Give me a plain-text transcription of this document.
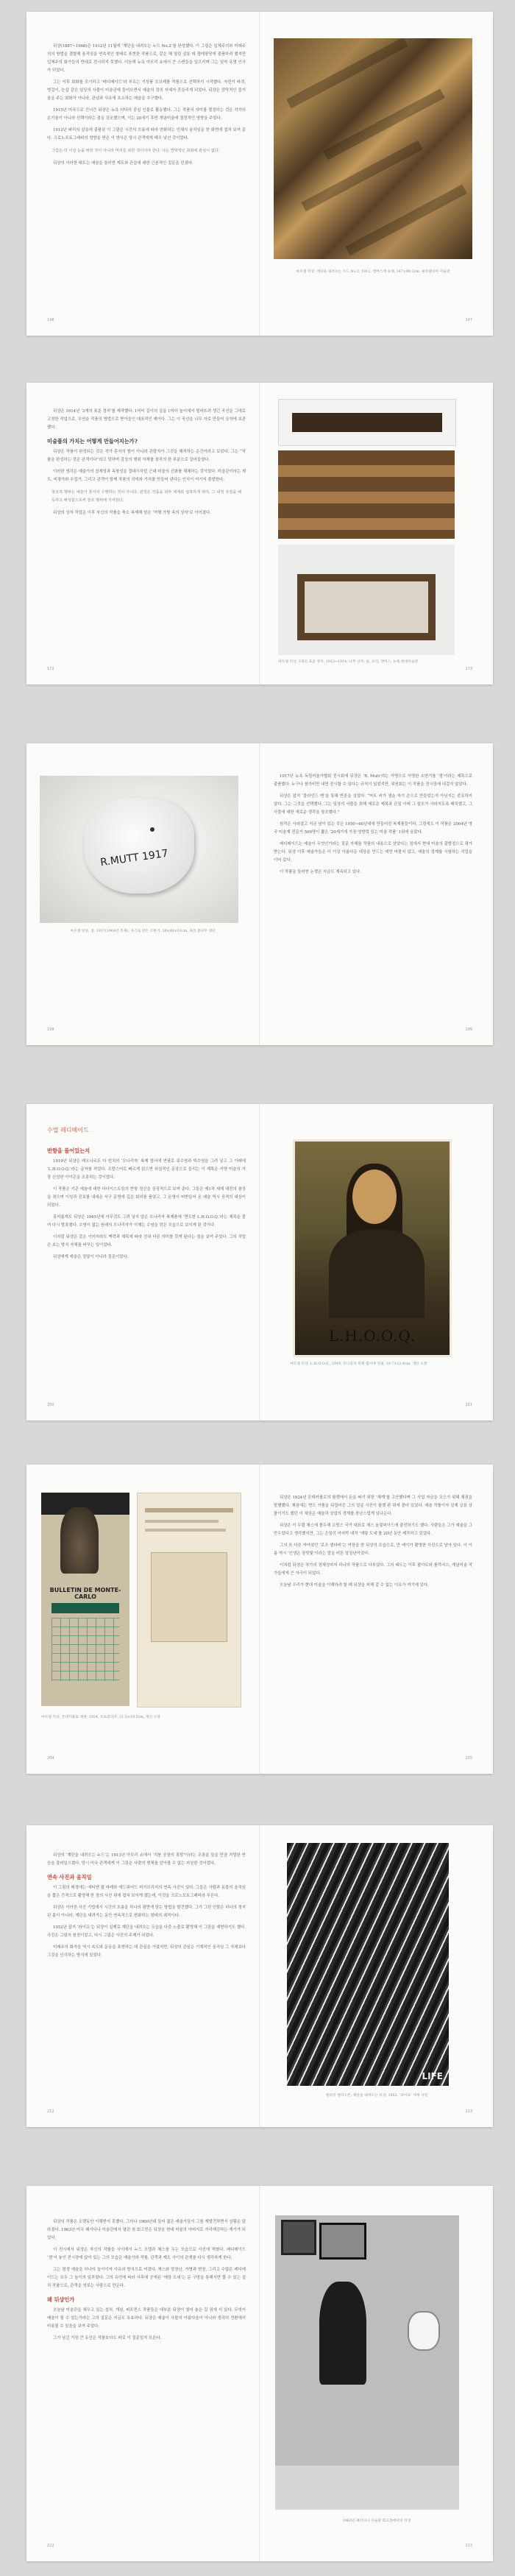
뒤샹(1887~1968)은 1912년 11월에 ‘계단을 내려오는 누드 No.2’를 완성했다. 이 그림은 입체주의와 미래주의의 방법을 결합해 움직임을 연속적인 형태로 표현한 작품으로, 같은 해 열린 살롱 데 쟁데팡당에 출품하려 했지만 입체주의 화가들의 반대로 전시되지 못했다. 이듬해 뉴욕 아모리 쇼에서 큰 스캔들을 일으키며 그는 일약 유명 인사가 되었다.

그는 이후 회화를 포기하고 ‘레디메이드’라 부르는 기성품 오브제를 작품으로 선택하기 시작했다. 자전거 바퀴, 병걸이, 눈삽 같은 일상의 사물이 미술관에 들어오면서 예술의 정의 자체가 흔들리게 되었다. 뒤샹은 망막적인 즐거움을 주는 회화가 아니라, 관념과 사유에 호소하는 예술을 추구했다.

1915년 미국으로 건너간 뒤샹은 뉴욕 다다의 중심 인물로 활동했다. 그는 작품의 의미를 결정하는 것은 작가의 손기술이 아니라 선택이라는 점을 강조했으며, 이는 20세기 후반 개념미술에 결정적인 영향을 주었다.

1912년 파리의 살롱에 출품된 이 그림은 시간의 흐름에 따라 변화하는 인체의 움직임을 한 화면에 겹쳐 보여 준다. 크로노포토그래피의 영향을 받은 이 방식은 당시 관객에게 매우 낯선 것이었다.

그림은 더 이상 눈을 위한 것이 아니라 머리를 위한 것이어야 한다. 나는 망막적인 회화에 관심이 없다.

뒤샹의 이러한 태도는 예술을 둘러싼 제도와 관습에 대한 근본적인 질문을 던졌다.

146
마르셀 뒤샹, 계단을 내려오는 누드 No.2, 1912, 캔버스에 유채, 147×89.2cm, 필라델피아 미술관
147

뒤샹은 1914년 ‘3개의 표준 정지’를 제작했다. 1미터 길이의 실을 1미터 높이에서 떨어뜨려 생긴 곡선을 그대로 고정한 작업으로, 우연을 작품의 방법으로 받아들인 대표적인 예이다. 그는 이 곡선을 나무 자로 만들어 상자에 보관했다.

미술품의 가치는 어떻게 만들어지는가?

뒤샹은 작품이 완성되는 것은 작가 혼자의 힘이 아니라 관람자가 그것을 해석하는 순간이라고 보았다. 그는 “작품을 완성하는 것은 관객이다”라고 말하며 감상의 행위 자체를 창작의 한 부분으로 끌어들였다.

이러한 생각은 예술가의 천재성과 독창성을 절대시하던 근대 미술의 신화를 해체하는 것이었다. 미술관이라는 제도, 비평가와 수집가, 그리고 관객이 함께 작품의 의미와 가치를 만들어 낸다는 인식이 여기서 출발한다.

창조적 행위는 예술가 혼자서 수행하는 것이 아니다. 관객은 작품을 외부 세계와 접촉하게 하며, 그 내적 자질을 해독하고 해석함으로써 창조 행위에 기여한다.

뒤샹의 상자 작업은 이후 자신의 작품을 축소 복제해 담은 ‘여행 가방 속의 상자’로 이어졌다.

172
마르셀 뒤샹, 3개의 표준 정지, 1913~1914, 나무 상자, 실, 유리, 캔버스, 뉴욕 현대미술관
173
R.MUTT 1917
마르셀 뒤샹, 샘, 1917(1964년 복제), 자기로 만든 소변기, 36×48×61cm, 파리 퐁피두 센터
198

1917년 뉴욕 독립미술가협회 전시회에 뒤샹은 ‘R. Mutt’라는 가명으로 서명한 소변기를 ‘샘’이라는 제목으로 출품했다. 누구나 참가비만 내면 전시할 수 있다는 규칙이 있었지만, 위원회는 이 작품을 전시장에 내걸지 않았다.

뒤샹은 잡지 ‘블라인드 맨’을 통해 반론을 실었다. “머트 씨가 샘을 자기 손으로 만들었는지 아닌지는 중요하지 않다. 그는 그것을 선택했다. 그는 일상의 사물을 취해 새로운 제목과 관점 아래 그 쓸모가 사라지도록 배치했고, 그 사물에 대한 새로운 생각을 창조했다.”

원작은 사라졌고 지금 남아 있는 것은 1950~60년대에 만들어진 복제품들이다. 그럼에도 이 작품은 2004년 영국 미술계 전문가 500명이 뽑은 ‘20세기에 가장 영향력 있는 미술 작품’ 1위에 올랐다.

레디메이드는 예술이 무엇인가라는 질문 자체를 작품의 내용으로 삼았다는 점에서 현대 미술의 출발점으로 평가받는다. 뒤샹 이후 예술가들은 더 이상 아름다운 대상을 만드는 데만 머물지 않고, 예술의 경계를 시험하는 작업을 이어 갔다.

이 작품을 둘러싼 논쟁은 지금도 계속되고 있다.

199
수업 레디메이드
반항을 품어있는지

1919년 뒤샹은 레오나르도 다 빈치의 ‘모나리자’ 복제 엽서에 연필로 콧수염과 턱수염을 그려 넣고 그 아래에 ‘L.H.O.O.Q.’라는 글자를 적었다. 프랑스어로 빠르게 읽으면 외설적인 문장으로 들리는 이 제목은 서양 미술의 가장 신성한 아이콘을 조롱하는 것이었다.

이 작품은 기존 예술에 대한 다다이스트들의 반항 정신을 상징적으로 보여 준다. 그들은 제1차 세계 대전의 참상을 겪으며 이성과 진보를 내세운 서구 문명에 깊은 회의를 품었고, 그 문명이 떠받들어 온 예술 역시 공격의 대상이 되었다.

흥미롭게도 뒤샹은 1965년에 아무것도 그려 넣지 않은 모나리자 복제품에 ‘면도한 L.H.O.O.Q.’라는 제목을 붙여 다시 발표했다. 수염이 없는 원래의 모나리자가 이제는 수염을 깎은 모습으로 보이게 된 것이다.

이처럼 뒤샹은 같은 이미지라도 맥락과 제목에 따라 전혀 다른 의미를 갖게 된다는 점을 보여 주었다. 그의 작업은 보는 방식 자체를 바꾸는 일이었다.

뒤샹에게 예술은 정답이 아니라 질문이었다.

200
L.H.O.O.Q.
마르셀 뒤샹, L.H.O.O.Q., 1919, 모나리자 복제 엽서에 연필, 19.7×12.4cm, 개인 소장
201
BULLETIN DE MONTE-CARLO
마르셀 뒤샹, 몬테카를로 채권, 1924, 포토콜라주, 31.5×19.5cm, 개인 소장
204

뒤샹은 1924년 몬테카를로의 룰렛에서 돈을 따기 위한 ‘체계’를 고안했다며 그 사업 자금을 모으기 위해 채권을 발행했다. 채권에는 면도 거품을 뒤집어쓴 그의 얼굴 사진이 룰렛 판 위에 붙어 있었다. 예술 작품이자 실제 금융 상품이기도 했던 이 채권은 예술과 상업의 경계를 장난스럽게 넘나든다.

뒤샹은 이 무렵 체스에 몰두해 프랑스 국가 대표로 체스 올림피아드에 출전하기도 했다. 사람들은 그가 예술을 그만두었다고 생각했지만, 그는 은밀히 마지막 대작 ‘에탕 도네’를 20년 동안 제작하고 있었다.

그의 또 다른 자아였던 ‘로즈 셀라비’는 여장을 한 뒤샹의 모습으로, 만 레이가 촬영한 사진으로 남아 있다. 이 이름 역시 ‘인생은 장밋빛’이라는 말을 비튼 말장난이었다.

이처럼 뒤샹은 작가의 정체성마저 하나의 작품으로 다루었다. 그의 태도는 이후 팝아트와 플럭서스, 개념미술 작가들에게 큰 자극이 되었다.

오늘날 우리가 현대 미술을 이해하려 할 때 뒤샹을 피해 갈 수 없는 이유가 여기에 있다.

205

뒤샹의 ‘계단을 내려오는 누드’는 1913년 아모리 쇼에서 ‘지붕 공장의 폭발’이라는 조롱을 들을 만큼 격렬한 반응을 불러일으켰다. 당시 미국 관객에게 이 그림은 사람의 형체를 알아볼 수 없는 괴상한 것이었다.

연속 사진과 움직임

이 그림의 배경에는 에티엔 쥘 마레와 에드위어드 머이브리지의 연속 사진이 있다. 그들은 사람과 동물의 움직임을 짧은 간격으로 촬영해 한 장의 사진 위에 겹쳐 보이게 했는데, 이것을 크로노포토그래피라 부른다.

뒤샹은 이러한 사진 기법에서 시간의 흐름을 하나의 평면에 담는 방법을 발견했다. 그가 그린 인물은 하나의 정지된 몸이 아니라, 계단을 내려가는 동안 연속적으로 변화하는 형태의 궤적이다.

1952년 잡지 ‘라이프’는 뒤샹이 실제로 계단을 내려오는 모습을 다중 노출로 촬영해 이 그림을 재현하기도 했다. 사진은 그림의 원천이었고, 다시 그림은 사진의 주제가 되었다.

미래주의 화가들 역시 속도와 운동을 표현하는 데 관심을 가졌지만, 뒤샹의 관심은 기계적인 움직임 그 자체보다 그것을 인식하는 방식에 있었다.

212
LIFE
엘리엇 엘리소폰, 계단을 내려오는 뒤샹, 1952, ‘라이프’ 게재 사진
213

뒤샹의 작품은 오랫동안 이해받지 못했다. 그러나 1960년대 들어 젊은 예술가들이 그를 재발견하면서 상황은 달라졌다. 1963년 미국 패서디나 미술관에서 열린 첫 회고전은 뒤샹을 현대 미술의 아버지로 자리매김하는 계기가 되었다.

이 전시에서 뒤샹은 자신의 작품들 사이에서 누드 모델과 체스를 두는 모습으로 사진에 찍혔다. 레디메이드 ‘샘’이 놓인 전시장에 앉아 있는 그의 모습은 예술가와 작품, 관객과 제도 사이의 관계를 다시 생각하게 한다.

그는 평생 예술을 하나의 놀이이자 사유의 방식으로 여겼다. 체스와 말장난, 가명과 변장, 그리고 수많은 레디메이드는 모두 그 놀이의 일부였다. 그의 유언에 따라 사후에 공개된 ‘에탕 도네’는 문 구멍을 통해서만 볼 수 있는 설치 작품으로, 관객을 엿보는 사람으로 만든다.

왜 뒤샹인가

오늘날 미술관을 채우고 있는 설치, 개념, 퍼포먼스 작품들은 대부분 뒤샹이 열어 놓은 길 위에 서 있다. 무엇이 예술이 될 수 있는가라는 그의 질문은 지금도 유효하다. 뒤샹은 예술이 사물의 아름다움이 아니라 생각의 전환에서 비롯될 수 있음을 보여 주었다.

그가 남긴 가장 큰 유산은 작품보다도 바로 이 질문일지 모른다.

222
1963년 패서디나 미술관 회고전에서의 뒤샹
223
